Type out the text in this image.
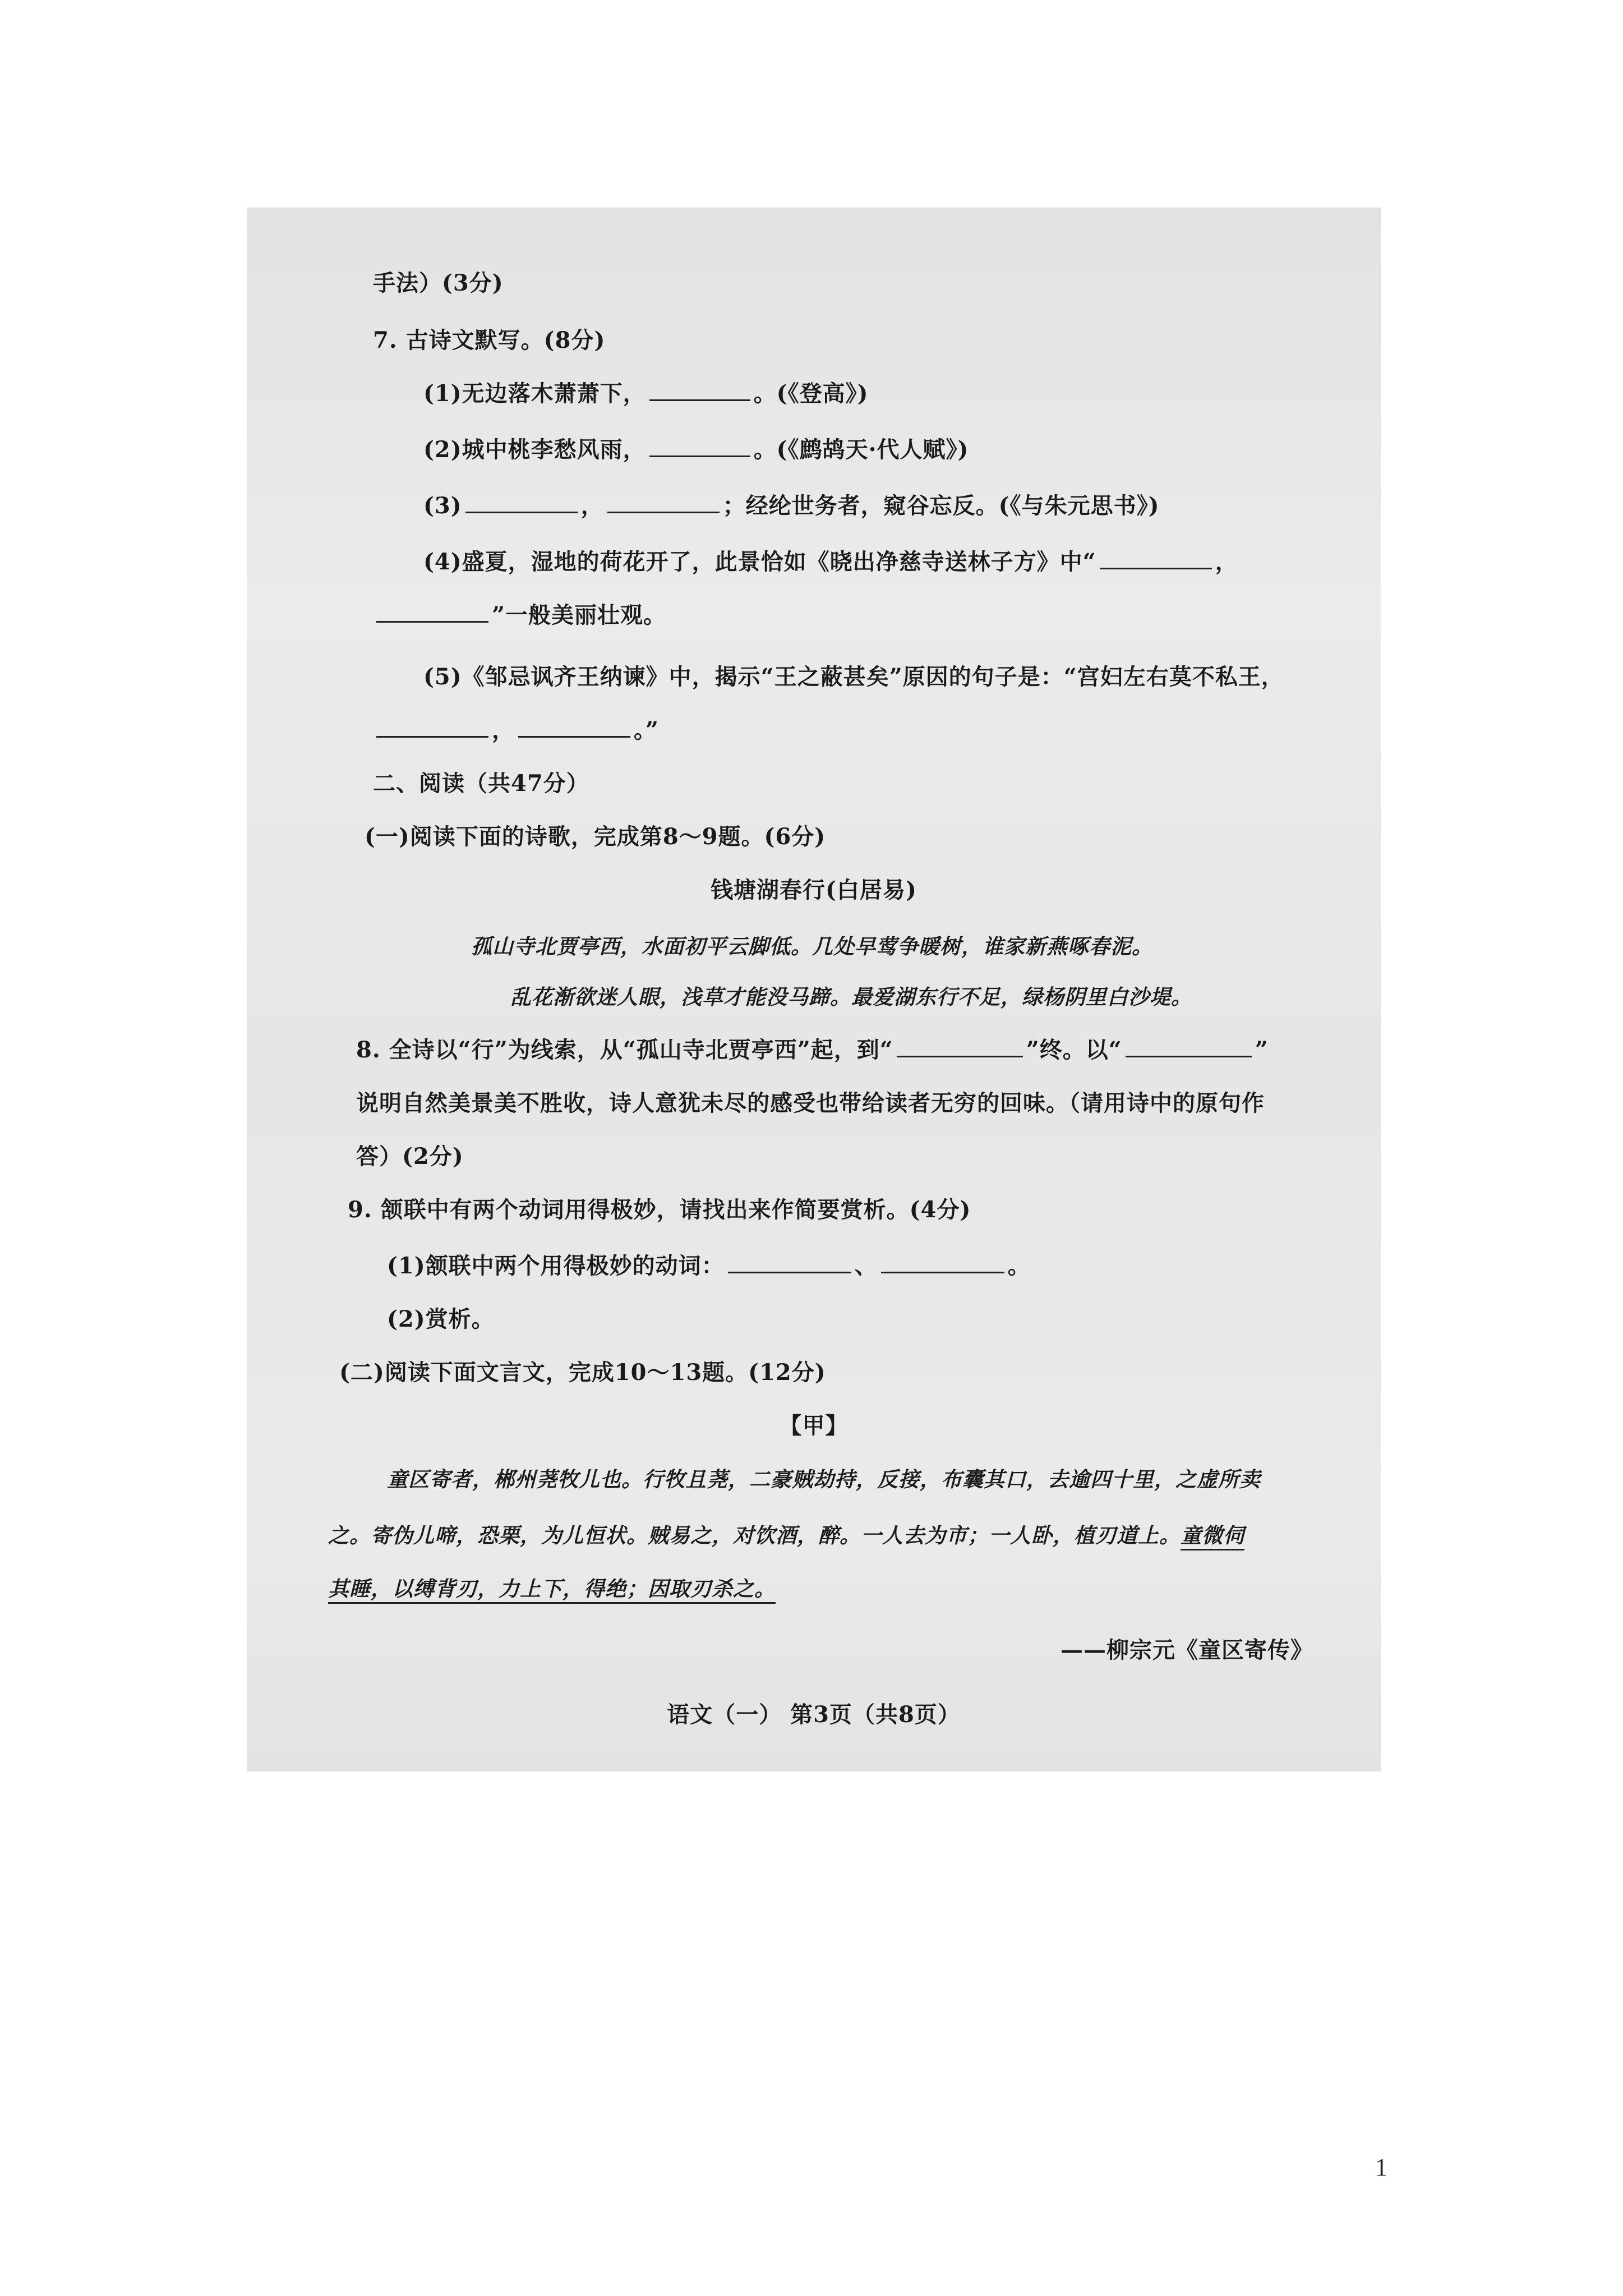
手法）(3分)
7. 古诗文默写。(8分)
(1)无边落木萧萧下，	。(《登高》)
(2)城中桃李愁风雨，	。(《鹧鸪天·代人赋》)
(3)	，	；经纶世务者，窥谷忘反。(《与朱元思书》)
(4)盛夏，湿地的荷花开了，此景恰如《晓出净慈寺送林子方》中“	，
”一般美丽壮观。
(5)《邹忌讽齐王纳谏》中，揭示“王之蔽甚矣”原因的句子是：“宫妇左右莫不私王，
，	。”
二、阅读（共47分）
(一)阅读下面的诗歌，完成第8～9题。(6分)
钱塘湖春行(白居易)
孤山寺北贾亭西，水面初平云脚低。几处早莺争暖树，谁家新燕啄春泥。
乱花渐欲迷人眼，浅草才能没马蹄。最爱湖东行不足，绿杨阴里白沙堤。
8. 全诗以“行”为线索，从“孤山寺北贾亭西”起，到“	”终。以“	”
说明自然美景美不胜收，诗人意犹未尽的感受也带给读者无穷的回味。（请用诗中的原句作
答）(2分)
9. 颔联中有两个动词用得极妙，请找出来作简要赏析。(4分)
(1)颔联中两个用得极妙的动词：	、	。
(2)赏析。
(二)阅读下面文言文，完成10～13题。(12分)
【甲】
童区寄者，郴州荛牧儿也。行牧且荛，二豪贼劫持，反接，布囊其口，去逾四十里，之虚所卖
之。寄伪儿啼，恐栗，为儿恒状。贼易之，对饮酒，醉。一人去为市；一人卧，植刃道上。童微伺
其睡，以缚背刃，力上下，得绝；因取刃杀之。
——柳宗元《童区寄传》
语文（一） 第3页（共8页）
1
